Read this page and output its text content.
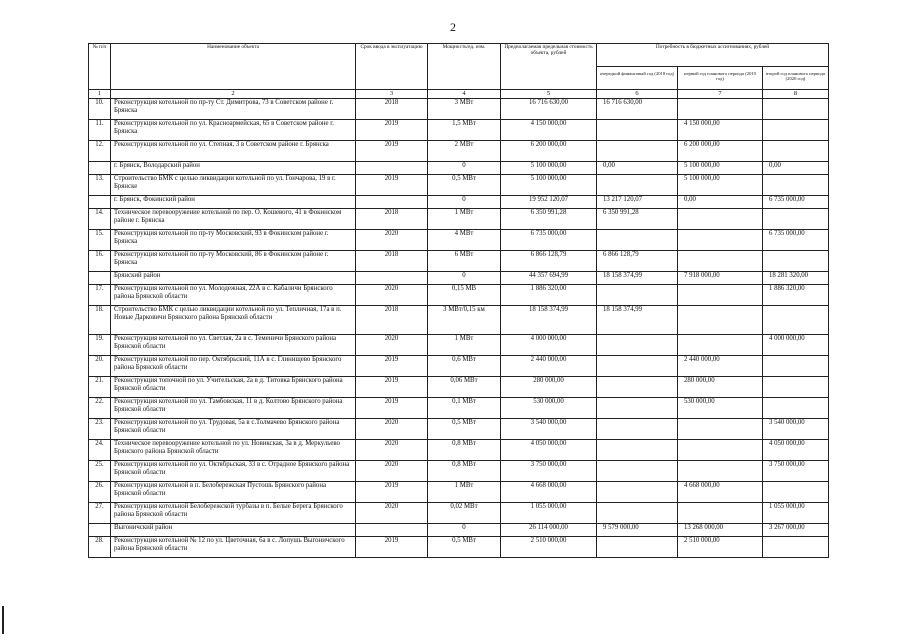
2
№ п/п	Наименование объекта	Срок ввода в эксплуатацию	Мощность/ед. изм.	Предполагаемая предельная стоимость объекта, рублей	Потребность в бюджетных ассигнованиях, рублей		
					очередной финансовый год (2018 год)	первый год планового периода (2019 год)	второй год планового периода (2020 год)
1	2	3	4	5	6	7	8
10.	Реконструкция котельной по пр-ту Ст. Димитрова, 73 в Советском районе г. Брянска	2018	3 МВт	16 716 630,00	16 716 630,00		
11.	Реконструкция котельной по ул. Красноармейская, 65 в Советском районе г. Брянска	2019	1,5 МВт	4 150 000,00		4 150 000,00	
12.	Реконструкция котельной по ул. Степная, 3 в Советском районе г. Брянска	2019	2 МВт	6 200 000,00		6 200 000,00	
	г. Брянск, Володарский район		0	5 100 000,00	0,00	5 100 000,00	0,00
13.	Строительство БМК с целью ликвидации котельной по ул. Гончарова, 19 в г. Брянске	2019	0,5 МВт	5 100 000,00		5 100 000,00	
	г. Брянск, Фокинский район		0	19 952 120,07	13 217 120,07	0,00	6 735 000,00
14.	Техническое перевооружение котельной по пер. О. Кошевого, 41 в Фокинском районе г. Брянска	2018	1 МВт	6 350 991,28	6 350 991,28		
15.	Реконструкция котельной по пр-ту Московский, 93 в Фокинском районе г. Брянска	2020	4 МВт	6 735 000,00			6 735 000,00
16.	Реконструкция котельной по пр-ту Московский, 86 в Фокинском районе г. Брянска	2018	6 МВт	6 866 128,79	6 866 128,79		
	Брянский район		0	44 357 694,99	18 158 374,99	7 918 000,00	18 281 320,00
17.	Реконструкция котельной по ул. Молодежная, 22А в с. Кабаличи Брянского района Брянской области	2020	0,15 МВ	1 886 320,00			1 886 320,00
18.	Строительство БМК с целью ликвидации котельной по ул. Тепличная, 17а в п. Новые Дарковичи Брянского района Брянской области	2018	3 МВт/0,15 км	18 158 374,99	18 158 374,99		
19.	Реконструкция котельной по ул. Светлая, 2а в с. Теменичи Брянского района Брянской области	2020	1 МВт	4 000 000,00			4 000 000,00
20.	Реконструкция котельной по пер. Октябрьский, 11А в с. Глинищево Брянского района Брянской области	2019	0,6 МВт	2 440 000,00		2 440 000,00	
21.	Реконструкция топочной по ул. Учительская, 2а в д. Титовка Брянского района Брянской области	2019	0,06 МВт	280 000,00		280 000,00	
22.	Реконструкция котельной по ул. Тамбовская, 11 в д. Колтово Брянского района Брянской области	2019	0,1 МВт	530 000,00		530 000,00	
23.	Реконструкция котельной по ул. Трудовая, 5а в с.Толмачево Брянского района Брянской области	2020	0,5 МВт	3 540 000,00			3 540 000,00
24.	Техническое перевооружение котельной по ул. Новикская, 3а в д. Меркульево Брянского района Брянской области	2020	0,8 МВт	4 050 000,00			4 050 000,00
25.	Реконструкция котельной по ул. Октябрьская, 33 в с. Отрадное Брянского района Брянской области	2020	0,8 МВт	3 750 000,00			3 750 000,00
26.	Реконструкция котельной в п. Белобережская Пустошь Брянского района Брянской области	2019	1 МВт	4 668 000,00		4 668 000,00	
27.	Реконструкция котельной Белобережской турбазы в п. Белые Берега Брянского района Брянской области	2020	0,02 МВт	1 055 000,00			1 055 000,00
	Выгоничский район		0	26 114 000,00	9 579 000,00	13 268 000,00	3 267 000,00
28.	Реконструкция котельной № 12 по ул. Цветочная, 6а в с. Лопушь Выгоничского района Брянской области	2019	0,5 МВт	2 510 000,00		2 510 000,00	
